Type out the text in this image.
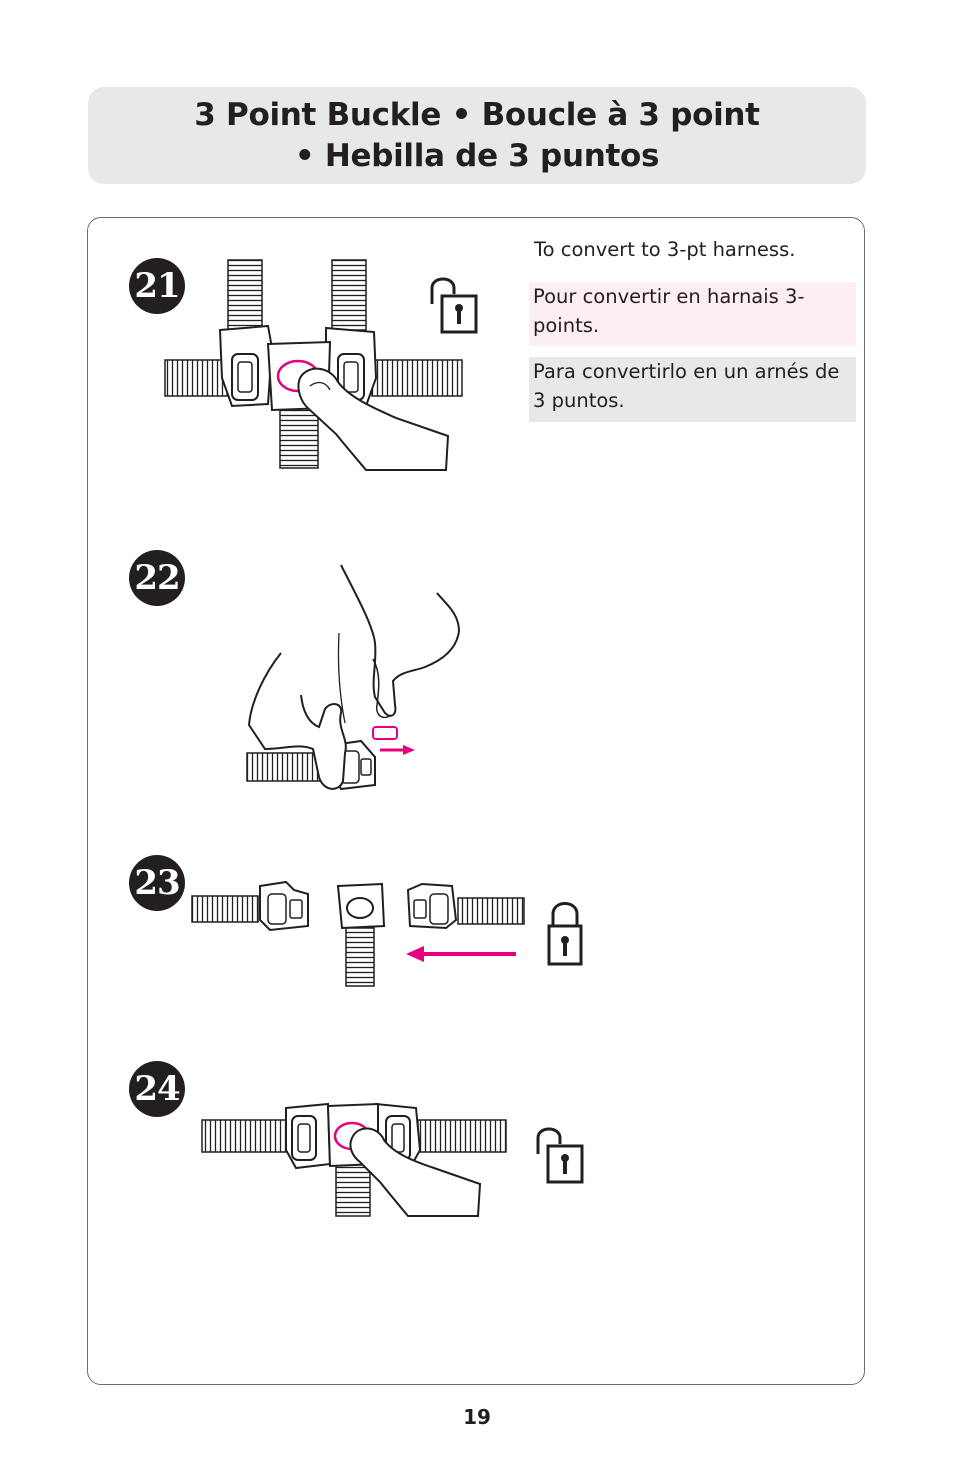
3 Point Buckle • Boucle à 3 point
• Hebilla de 3 puntos
21
22
23
24
To convert to 3-pt harness.
Pour convertir en harnais 3-points.
Para convertirlo en un arnés de 3 puntos.
19
